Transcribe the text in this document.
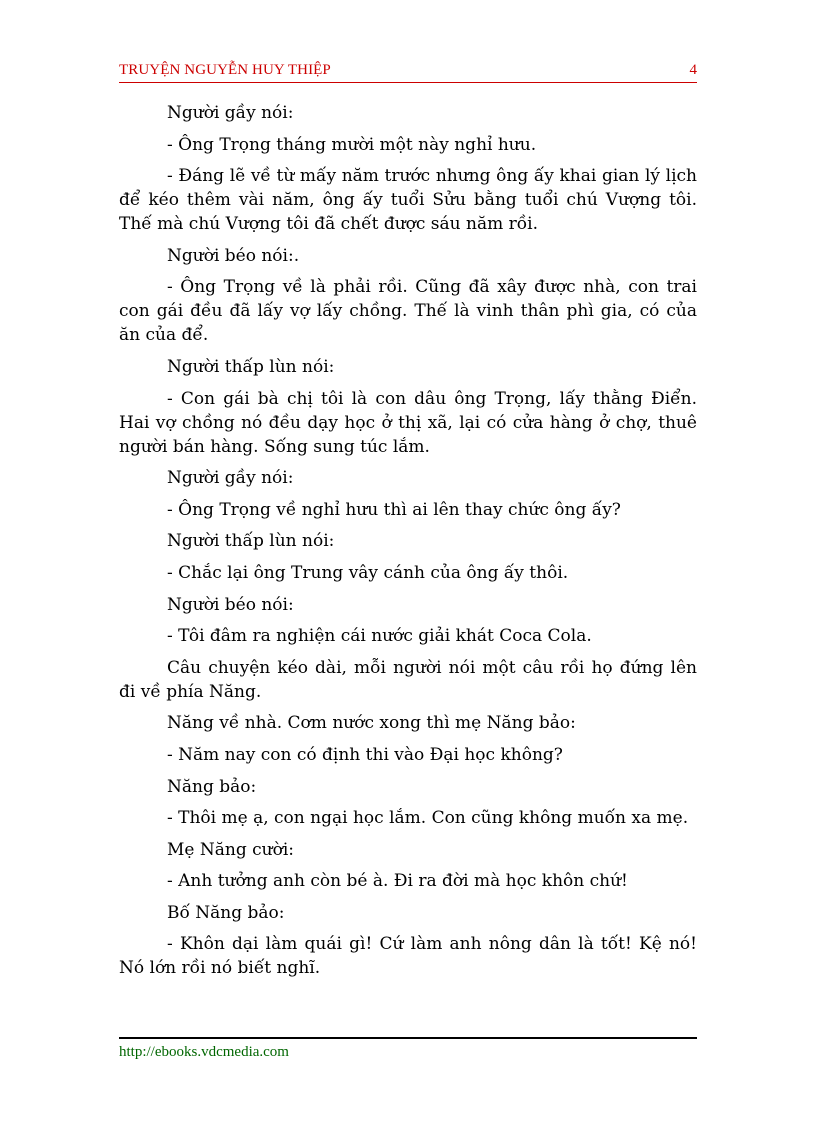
TRUYỆN NGUYỄN HUY THIỆP	4

Người gầy nói:

- Ông Trọng tháng mười một này nghỉ hưu.

- Đáng lẽ về từ mấy năm trước nhưng ông ấy khai gian lý lịch để kéo thêm vài năm, ông ấy tuổi Sửu bằng tuổi chú Vượng tôi. Thế mà chú Vượng tôi đã chết được sáu năm rồi.

Người béo nói:.

- Ông Trọng về là phải rồi. Cũng đã xây được nhà, con trai con gái đều đã lấy vợ lấy chồng. Thế là vinh thân phì gia, có của ăn của để.

Người thấp lùn nói:

- Con gái bà chị tôi là con dâu ông Trọng, lấy thằng Điển. Hai vợ chồng nó đều dạy học ở thị xã, lại có cửa hàng ở chợ, thuê người bán hàng. Sống sung túc lắm.

Người gầy nói:

- Ông Trọng về nghỉ hưu thì ai lên thay chức ông ấy?

Người thấp lùn nói:

- Chắc lại ông Trung vây cánh của ông ấy thôi.

Người béo nói:

- Tôi đâm ra nghiện cái nước giải khát Coca Cola.

Câu chuyện kéo dài, mỗi người nói một câu rồi họ đứng lên đi về phía Năng.

Năng về nhà. Cơm nước xong thì mẹ Năng bảo:

- Năm nay con có định thi vào Đại học không?

Năng bảo:

- Thôi mẹ ạ, con ngại học lắm. Con cũng không muốn xa mẹ.

Mẹ Năng cười:

- Anh tưởng anh còn bé à. Đi ra đời mà học khôn chứ!

Bố Năng bảo:

- Khôn dại làm quái gì! Cứ làm anh nông dân là tốt! Kệ nó! Nó lớn rồi nó biết nghĩ.

http://ebooks.vdcmedia.com
